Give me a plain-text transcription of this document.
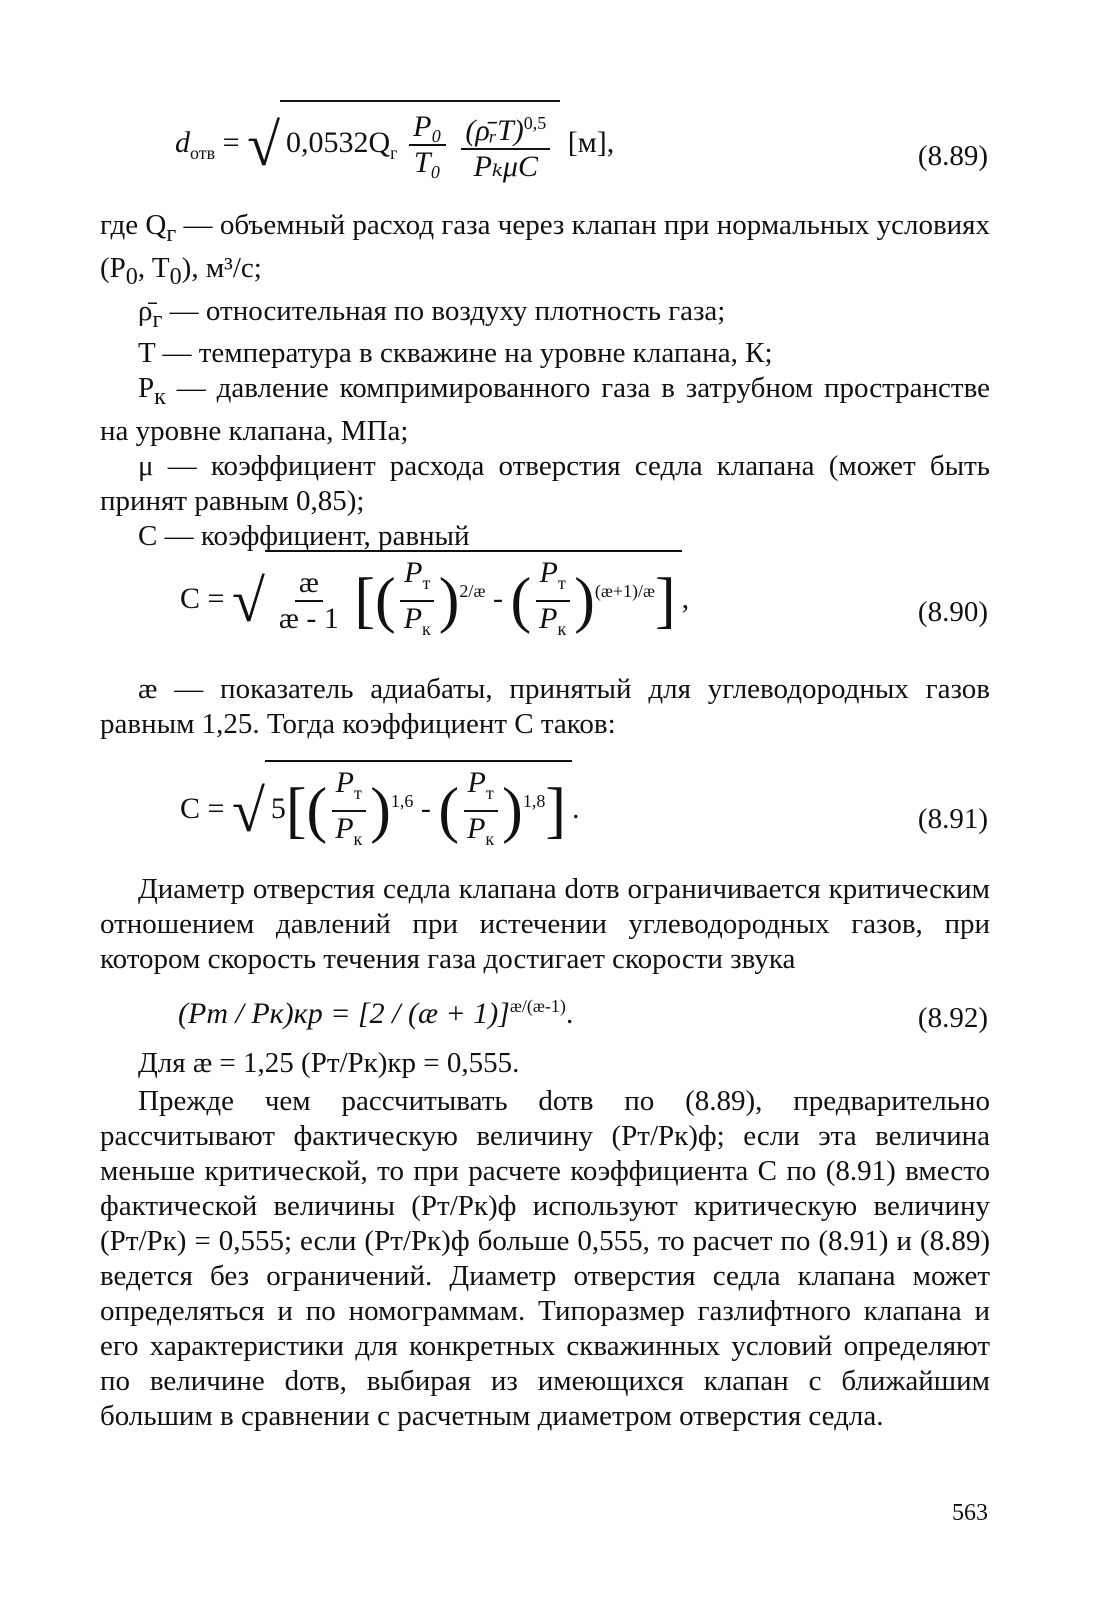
$d_{отв}$ = √ $0,0532Q_г \frac{\text{P₀}}{\text{T₀}}$
$\frac{(\rhōᵣT)^{0,5}}{\text{PₖμC}} [м]$,	(8.89)

где $Q_г$ — объемный расход газа через клапан при нормальных условиях ($P_0$, $T_0$), м³/с;

$\rhō_г$ — относительная по воздуху плотность газа;

T — температура в скважине на уровне клапана, К;

$P_к$ — давление компримированного газа в затрубном пространстве на уровне клапана, МПа;

μ — коэффициент расхода отверстия седла клапана (может быть принят равным 0,85);

C — коэффициент, равный

C = √ $\frac{æ}{æ - 1}$ [( $\frac{P_т}{P_к} )^{2/æ}$ - ( $\frac{P_т}{P_к} )^{(æ+1)/æ}$] ,	(8.90)

æ — показатель адиабаты, принятый для углеводородных газов равным 1,25. Тогда коэффициент C таков:

C = √ $5[( \frac{P_т}{P_к} )^{1,6}$ - ( $\frac{P_т}{P_к} )^{1,8}$] .	(8.91)

Диаметр отверстия седла клапана dотв ограничивается критическим отношением давлений при истечении углеводородных газов, при котором скорость течения газа достигает скорости звука

(Pт / Pк)кр = [2 / (æ + 1)]$^{æ/(æ-1)}$.	(8.92)

Для æ = 1,25 (Pт/Pк)кр = 0,555.

Прежде чем рассчитывать dотв по (8.89), предварительно рассчитывают фактическую величину (Pт/Pк)ф; если эта величина меньше критической, то при расчете коэффициента C по (8.91) вместо фактической величины (Pт/Pк)ф используют критическую величину (Pт/Pк) = 0,555; если (Pт/Pк)ф больше 0,555, то расчет по (8.91) и (8.89) ведется без ограничений. Диаметр отверстия седла клапана может определяться и по номограммам. Типоразмер газлифтного клапана и его характеристики для конкретных скважинных условий определяют по величине dотв, выбирая из имеющихся клапан с ближайшим большим в сравнении с расчетным диаметром отверстия седла.

563
